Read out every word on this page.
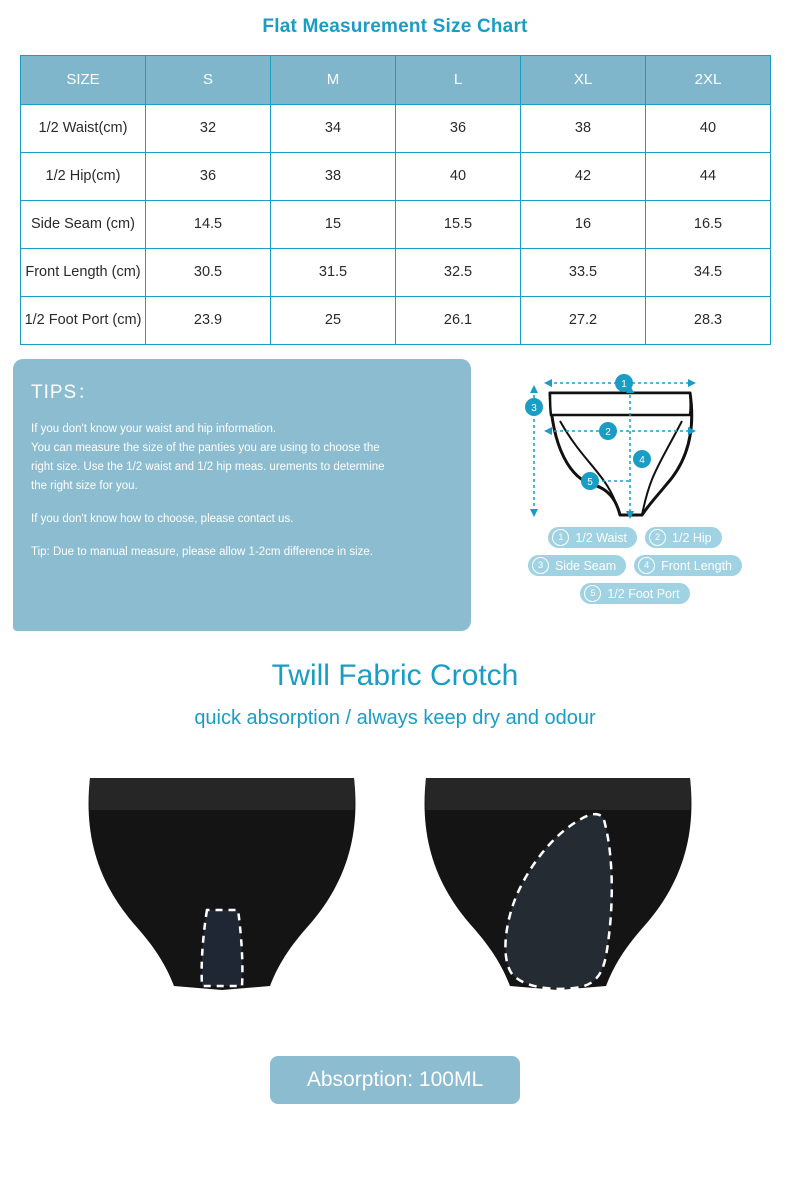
Flat Measurement Size Chart
SIZE	S	M	L	XL	2XL
1/2 Waist(cm)	32	34	36	38	40
1/2 Hip(cm)	36	38	40	42	44
Side Seam (cm)	14.5	15	15.5	16	16.5
Front Length (cm)	30.5	31.5	32.5	33.5	34.5
1/2 Foot Port (cm)	23.9	25	26.1	27.2	28.3
TIPS：
If you don't know your waist and hip information.
You can measure the size of the panties you are using to choose the
right size. Use the 1/2 waist and 1/2 hip meas. urements to determine
the right size for you.
If you don't know how to choose, please contact us.
Tip: Due to manual measure, please allow 1-2cm difference in size.
1
2
3
4
5
1 1/2 Waist	2 1/2 Hip
3 Side Seam	4 Front Length
5 1/2 Foot Port
Twill Fabric Crotch
quick absorption / always keep dry and odour
Absorption: 100ML
